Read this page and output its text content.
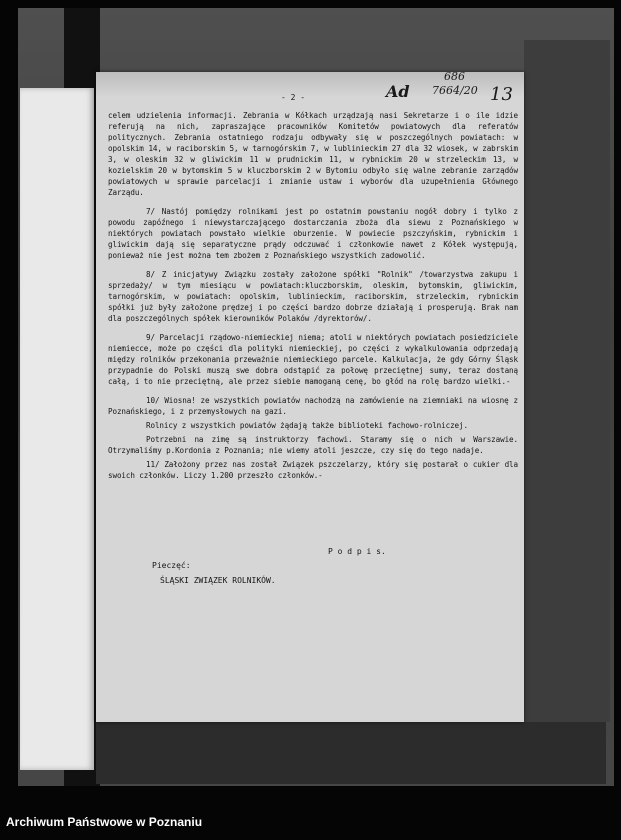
686
7664/20
Ad	13
- 2 -

celem udzielenia informacji. Zebrania w Kółkach urządzają nasi Sekretarze i o ile idzie referują na nich, zapraszające pracowników Komitetów powiatowych dla referatów politycznych. Zebrania ostatniego rodzaju odbywały się w poszczególnych powiatach: w opolskim 14, w raciborskim 5, w tarnogórskim 7, w lublinieckim 27 dla 32 wiosek, w zabrskim 3, w oleskim 32 w gliwickim 11 w prudnickim 11, w rybnickim 20 w strzeleckim 13, w kozielskim 20 w bytomskim 5 w kluczborskim 2 w Bytomiu odbyło się walne zebranie zarządów powiatowych w sprawie parcelacji i zmianie ustaw i wyborów dla uzupełnienia Głównego Zarządu.

7/ Nastój pomiędzy rolnikami jest po ostatnim powstaniu nogół dobry i tylko z powodu zapóźnego i niewystarczającego dostarczania zboża dla siewu z Poznańskiego w niektórych powiatach powstało wielkie oburzenie. W powiecie pszczyńskim, rybnickim i gliwickim dają się separatyczne prądy odczuwać i członkowie nawet z Kółek występują, ponieważ nie jest można tem zbożem z Poznańskiego wszystkich zadowolić.

8/ Z inicjatywy Związku zostały założone spółki "Rolnik" /towarzystwa zakupu i sprzedaży/ w tym miesiącu w powiatach:kluczborskim, oleskim, bytomskim, gliwickim, tarnogórskim, w powiatach: opolskim, lublinieckim, raciborskim, strzeleckim, rybnickim spółki już były założone prędzej i po części bardzo dobrze działają i prosperują. Brak nam dla poszczególnych spółek kierowników Polaków /dyrektorów/.

9/ Parcelacji rządowo-niemieckiej niema; atoli w niektórych powiatach posiedziciele niemiecce, może po części dla polityki niemieckiej, po części z wykalkulowania odprzedają między rolników przekonania przeważnie niemieckiego parcele. Kalkulacja, że gdy Górny Śląsk przypadnie do Polski muszą swe dobra odstąpić za połowę przeciętnej sumy, teraz dostaną całą, i to nie przeciętną, ale przez siebie mamoganą cenę, bo głód na rolę bardzo wielki.-

10/ Wiosna! ze wszystkich powiatów nachodzą na zamówienie na ziemniaki na wiosnę z Poznańskiego, i z przemysłowych na gazi.

Rolnicy z wszystkich powiatów żądają także biblioteki fachowo-rolniczej.

Potrzebni na zimę są instruktorzy fachowi. Staramy się o nich w Warszawie. Otrzymaliśmy p.Kordonia z Poznania; nie wiemy atoli jeszcze, czy się do tego nadaje.

11/ Założony przez nas został Związek pszczelarzy, który się postarał o cukier dla swoich członków. Liczy 1.200 przeszło członków.-

P o d p i s.
Pieczęć:
ŚLĄSKI ZWIĄZEK ROLNIKÓW.
Archiwum Państwowe w Poznaniu
